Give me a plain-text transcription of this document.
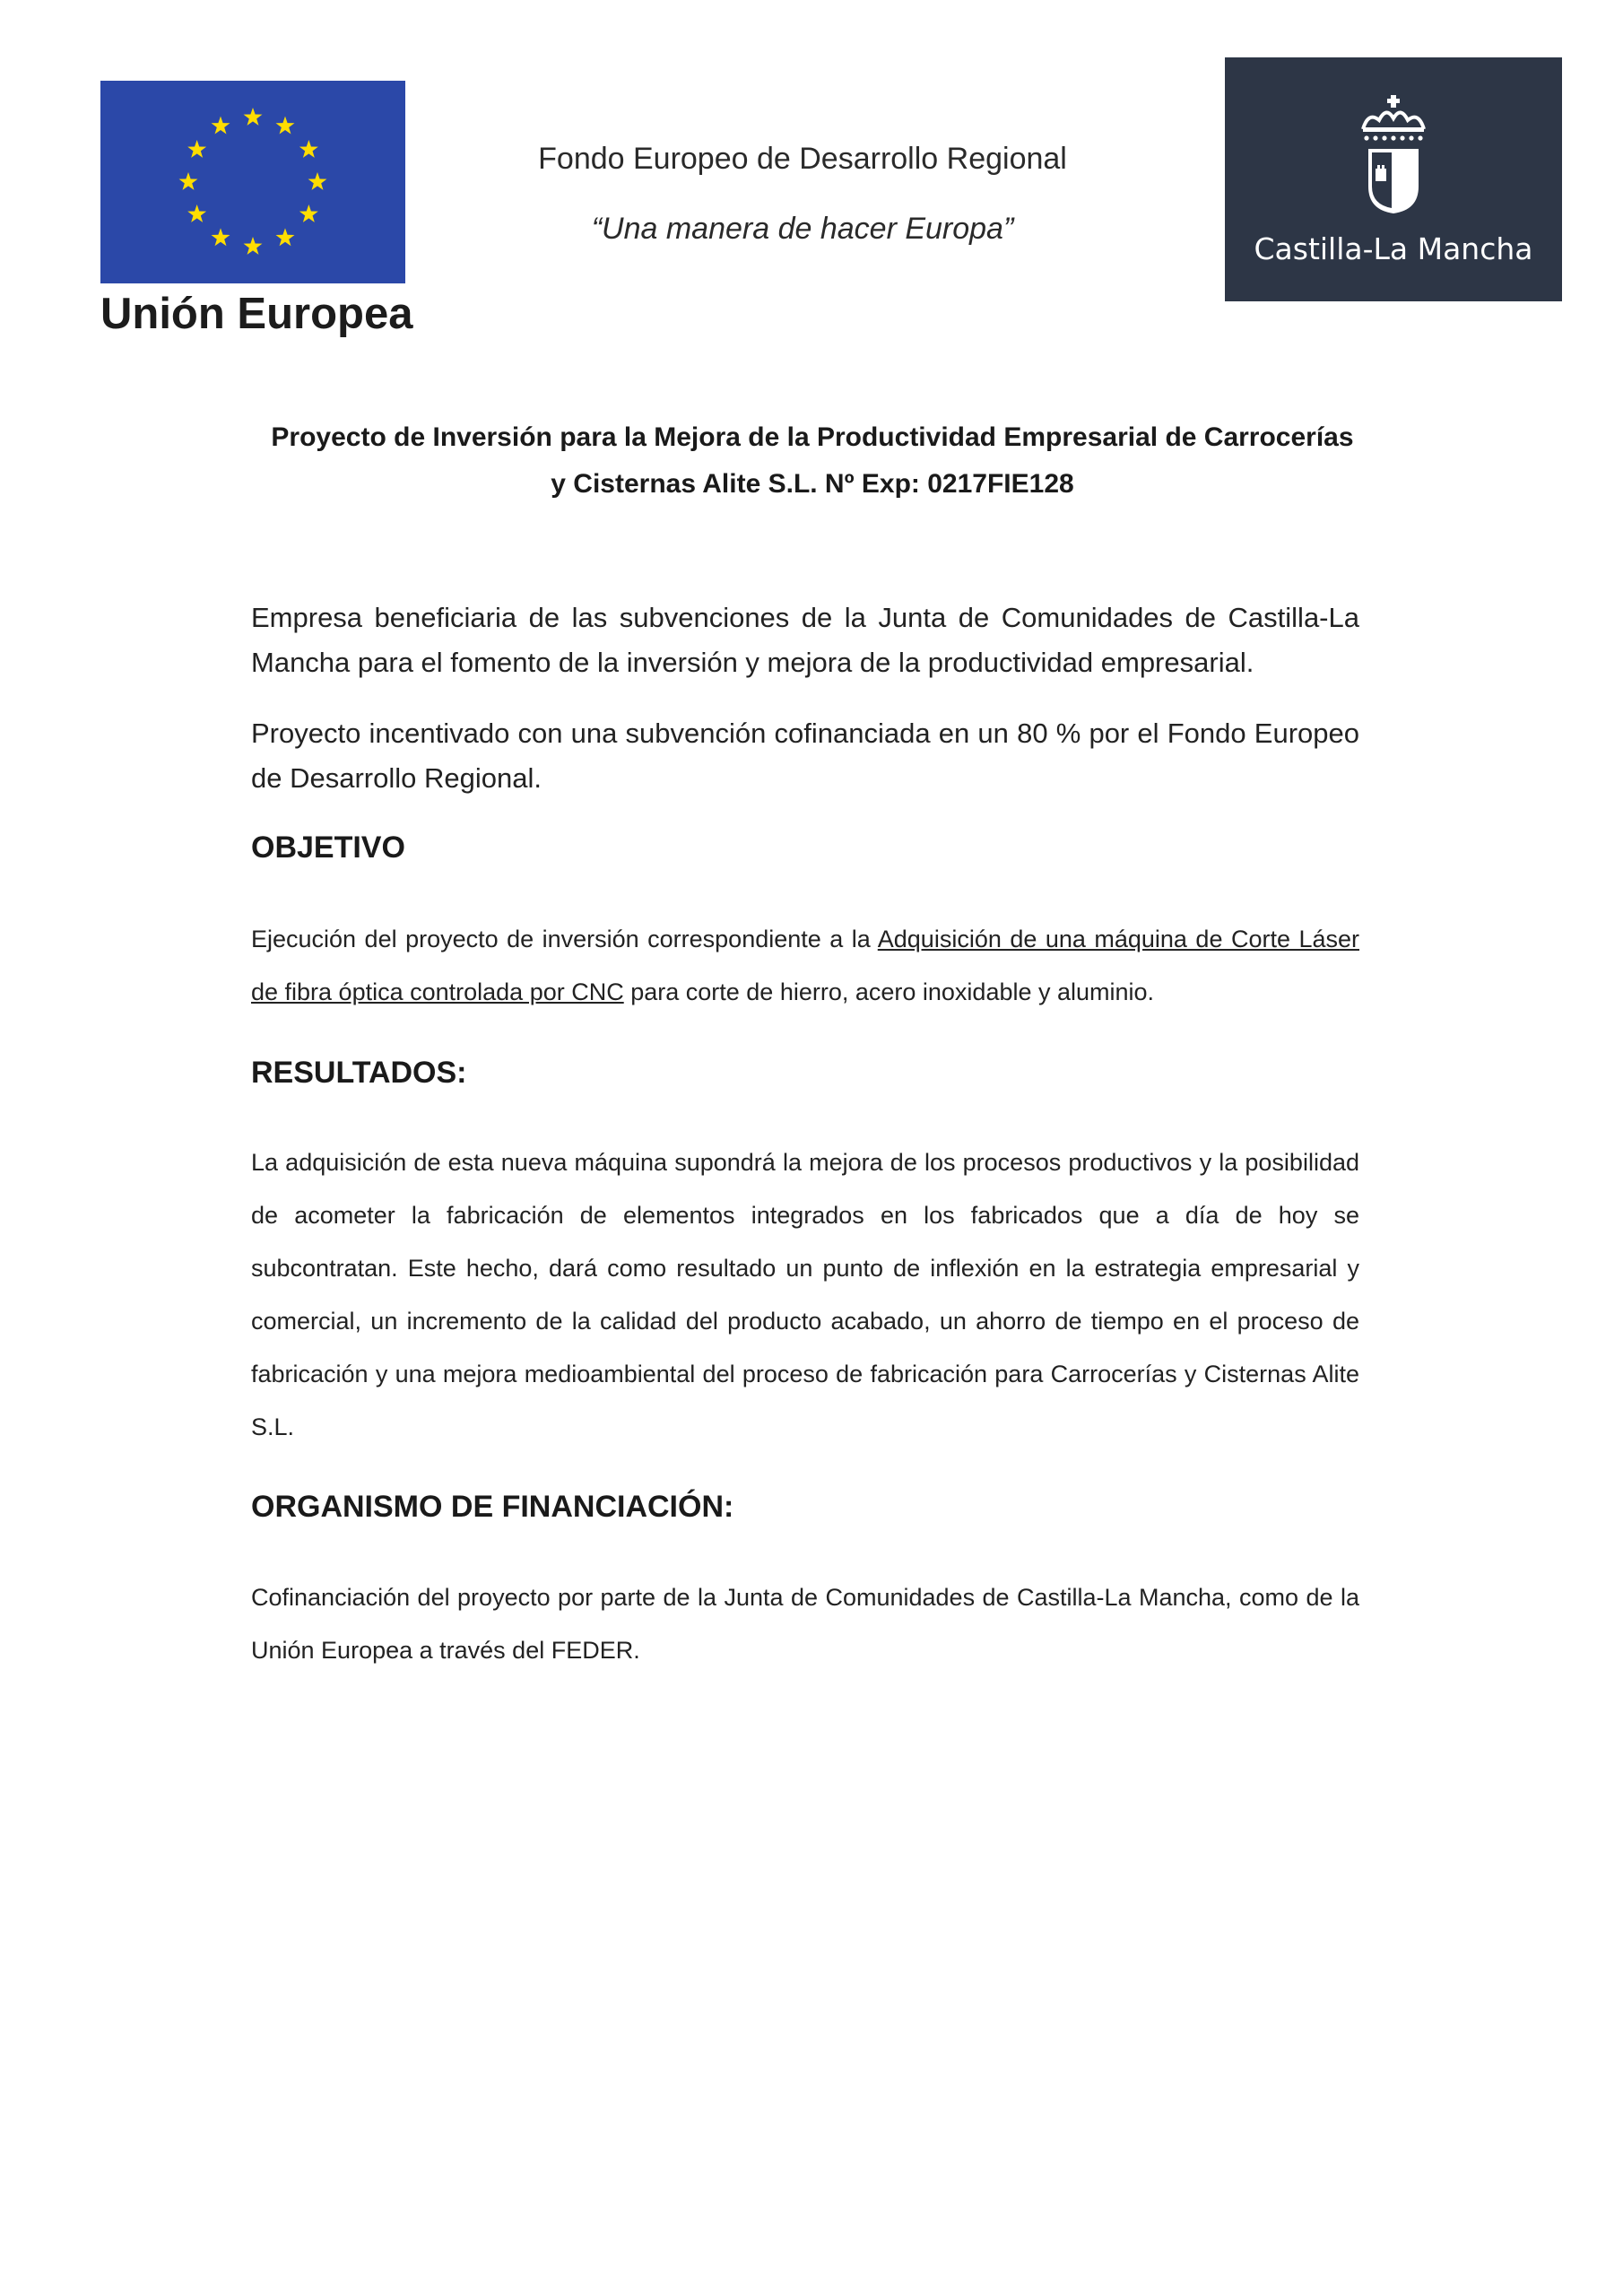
Unión Europea
Fondo Europeo de Desarrollo Regional
“Una manera de hacer Europa”
Castilla-La Mancha
Proyecto de Inversión para la Mejora de la Productividad Empresarial de Carrocerías
y Cisternas Alite S.L. Nº Exp: 0217FIE128

Empresa beneficiaria de las subvenciones de la Junta de Comunidades de Castilla-La Mancha para el fomento de la inversión y mejora de la productividad empresarial.

Proyecto incentivado con una subvención cofinanciada en un 80 % por el Fondo Europeo de Desarrollo Regional.

OBJETIVO

Ejecución del proyecto de inversión correspondiente a la Adquisición de una máquina de Corte Láser de fibra óptica controlada por CNC para corte de hierro, acero inoxidable y aluminio.

RESULTADOS:

La adquisición de esta nueva máquina supondrá la mejora de los procesos productivos y la posibilidad de acometer la fabricación de elementos integrados en los fabricados que a día de hoy se subcontratan. Este hecho, dará como resultado un punto de inflexión en la estrategia empresarial y comercial, un incremento de la calidad del producto acabado, un ahorro de tiempo en el proceso de fabricación y una mejora medioambiental del proceso de fabricación para Carrocerías y Cisternas Alite S.L.

ORGANISMO DE FINANCIACIÓN:

Cofinanciación del proyecto por parte de la Junta de Comunidades de Castilla-La Mancha, como de la Unión Europea a través del FEDER.
